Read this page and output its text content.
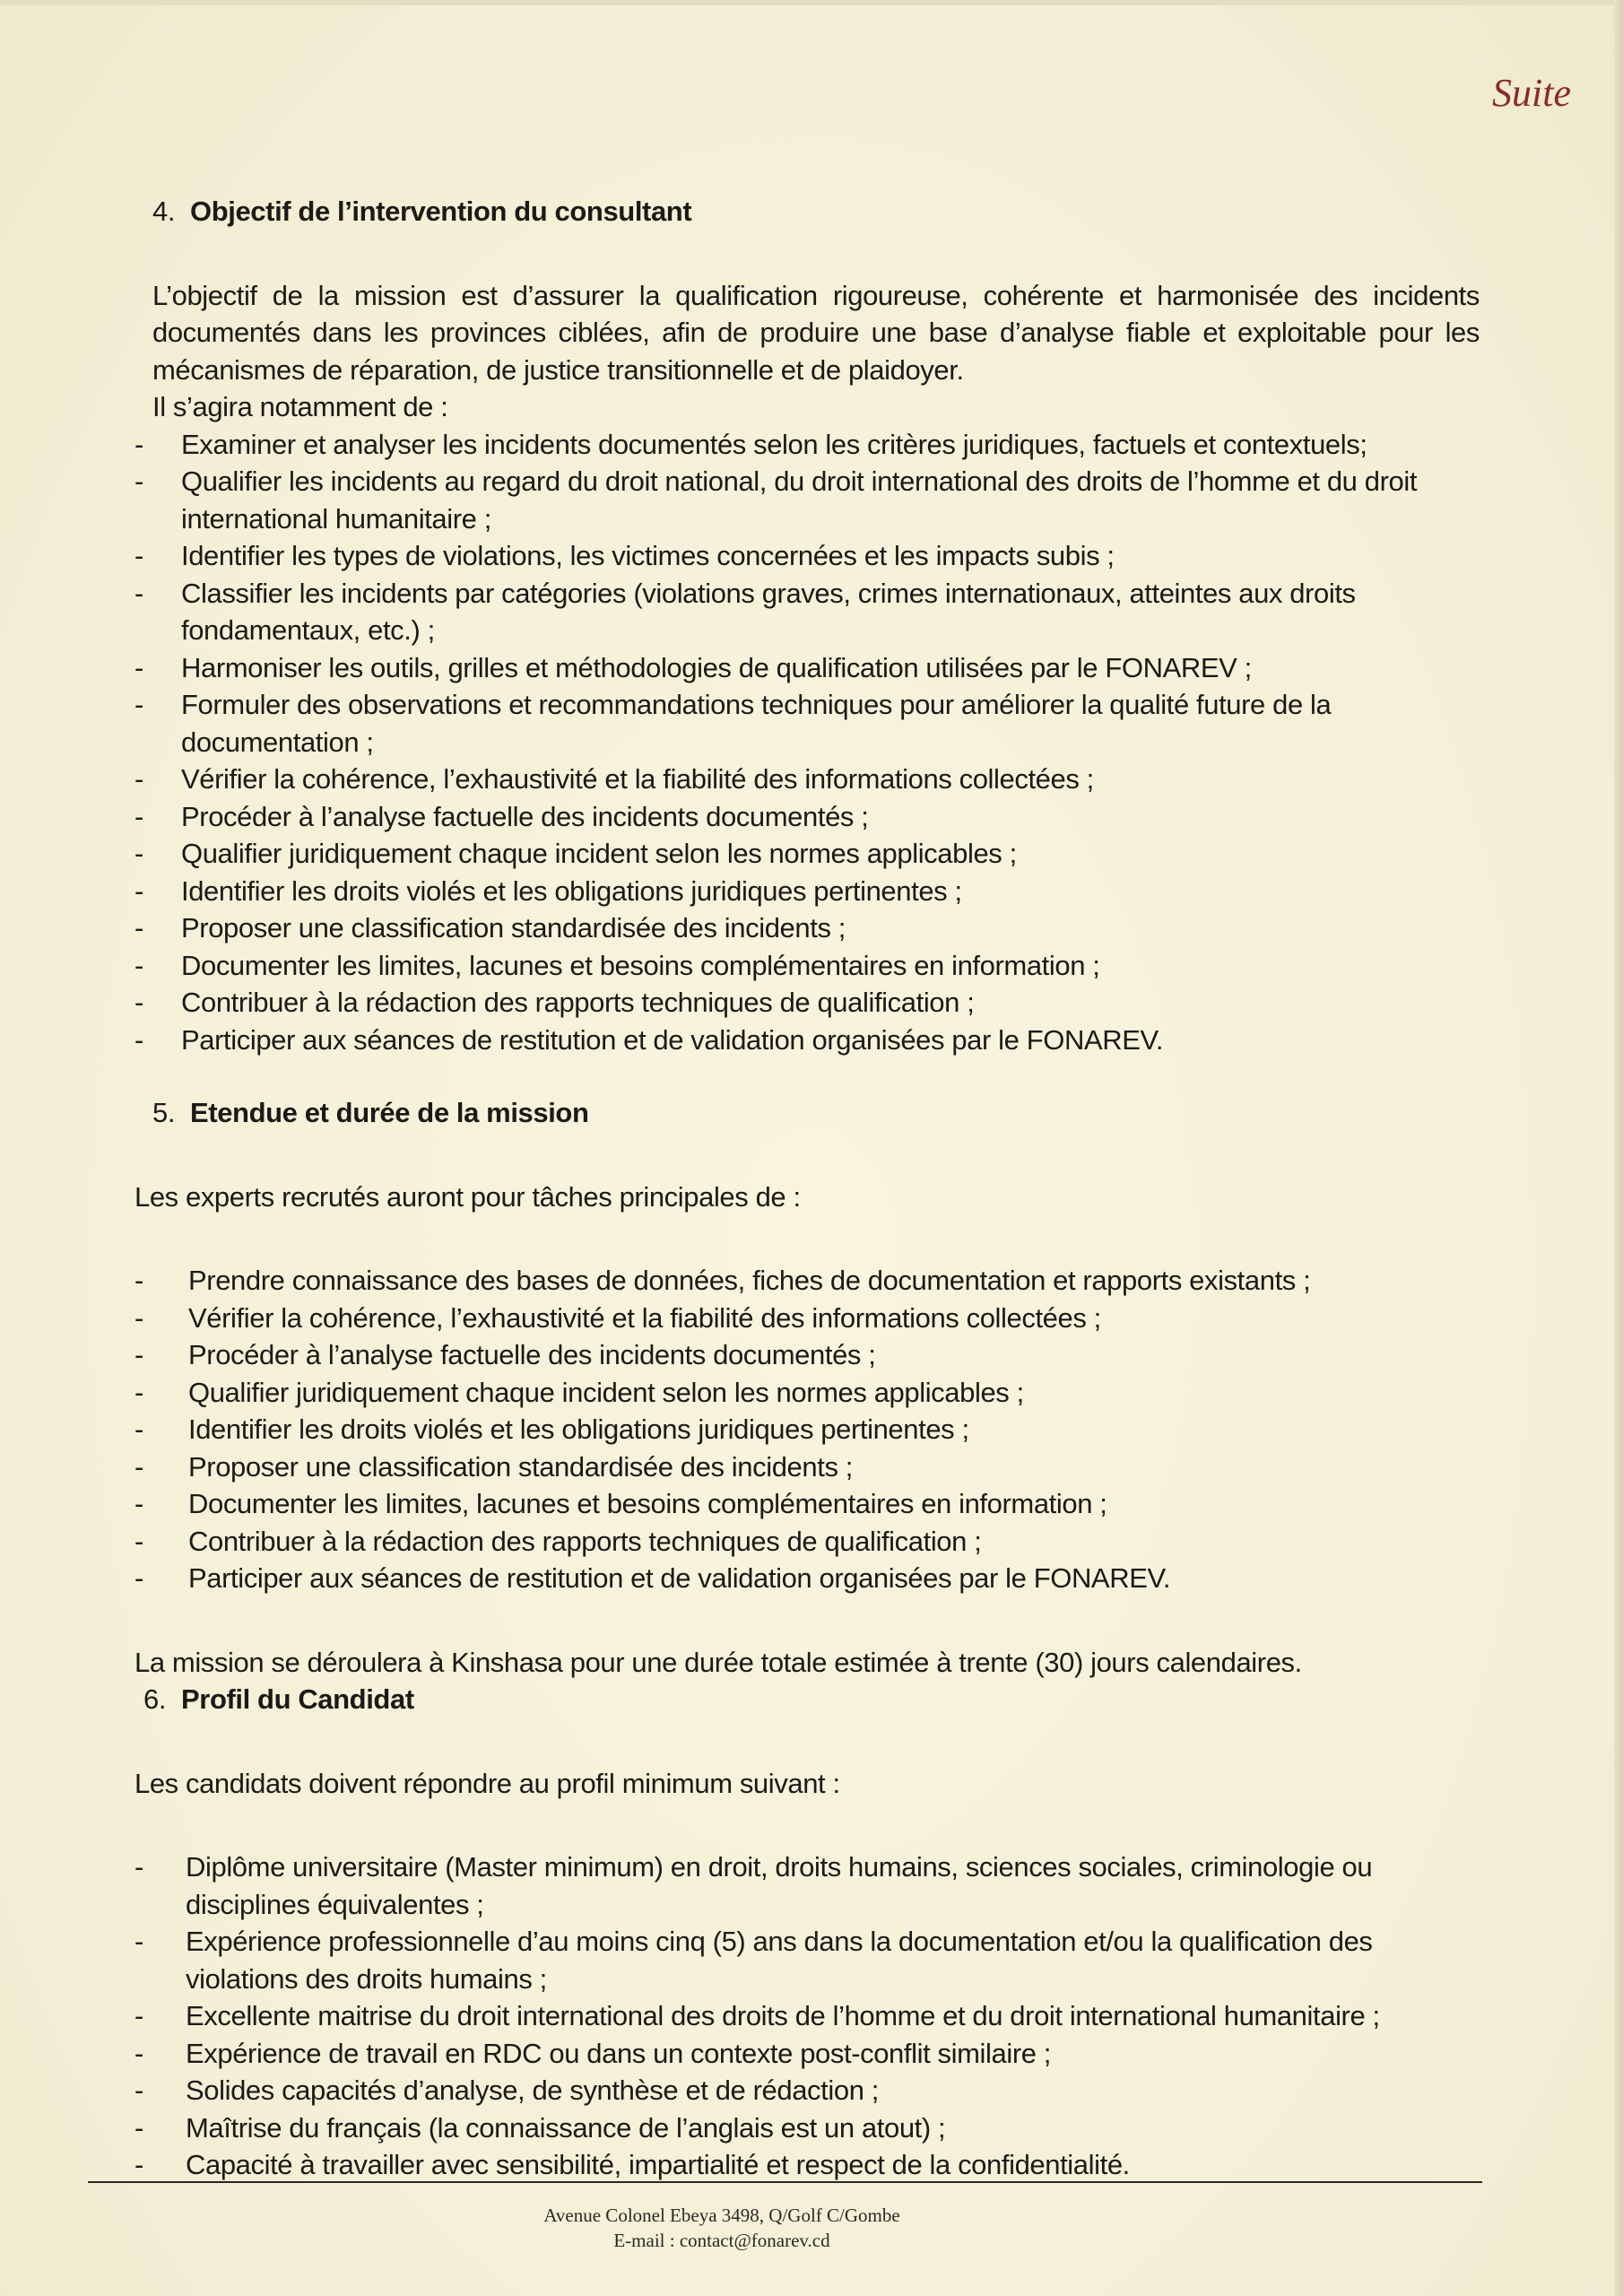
Suite
4. Objectif de l’intervention du consultant

L’objectif de la mission est d’assurer la qualification rigoureuse, cohérente et harmonisée des incidents documentés dans les provinces ciblées, afin de produire une base d’analyse fiable et exploitable pour les mécanismes de réparation, de justice transitionnelle et de plaidoyer.

Il s’agira notamment de :

-	Examiner et analyser les incidents documentés selon les critères juridiques, factuels et contextuels;
-	Qualifier les incidents au regard du droit national, du droit international des droits de l’homme et du droit international humanitaire ;
-	Identifier les types de violations, les victimes concernées et les impacts subis ;
-	Classifier les incidents par catégories (violations graves, crimes internationaux, atteintes aux droits fondamentaux, etc.) ;
-	Harmoniser les outils, grilles et méthodologies de qualification utilisées par le FONAREV ;
-	Formuler des observations et recommandations techniques pour améliorer la qualité future de la documentation ;
-	Vérifier la cohérence, l’exhaustivité et la fiabilité des informations collectées ;
-	Procéder à l’analyse factuelle des incidents documentés ;
-	Qualifier juridiquement chaque incident selon les normes applicables ;
-	Identifier les droits violés et les obligations juridiques pertinentes ;
-	Proposer une classification standardisée des incidents ;
-	Documenter les limites, lacunes et besoins complémentaires en information ;
-	Contribuer à la rédaction des rapports techniques de qualification ;
-	Participer aux séances de restitution et de validation organisées par le FONAREV.
5. Etendue et durée de la mission

Les experts recrutés auront pour tâches principales de :

-	Prendre connaissance des bases de données, fiches de documentation et rapports existants ;
-	Vérifier la cohérence, l’exhaustivité et la fiabilité des informations collectées ;
-	Procéder à l’analyse factuelle des incidents documentés ;
-	Qualifier juridiquement chaque incident selon les normes applicables ;
-	Identifier les droits violés et les obligations juridiques pertinentes ;
-	Proposer une classification standardisée des incidents ;
-	Documenter les limites, lacunes et besoins complémentaires en information ;
-	Contribuer à la rédaction des rapports techniques de qualification ;
-	Participer aux séances de restitution et de validation organisées par le FONAREV.

La mission se déroulera à Kinshasa pour une durée totale estimée à trente (30) jours calendaires.

6. Profil du Candidat

Les candidats doivent répondre au profil minimum suivant :

-	Diplôme universitaire (Master minimum) en droit, droits humains, sciences sociales, criminologie ou disciplines équivalentes ;
-	Expérience professionnelle d’au moins cinq (5) ans dans la documentation et/ou la qualification des violations des droits humains ;
-	Excellente maitrise du droit international des droits de l’homme et du droit international humanitaire ;
-	Expérience de travail en RDC ou dans un contexte post-conflit similaire ;
-	Solides capacités d’analyse, de synthèse et de rédaction ;
-	Maîtrise du français (la connaissance de l’anglais est un atout) ;
-	Capacité à travailler avec sensibilité, impartialité et respect de la confidentialité.
Avenue Colonel Ebeya 3498, Q/Golf C/Gombe
E-mail : contact@fonarev.cd
